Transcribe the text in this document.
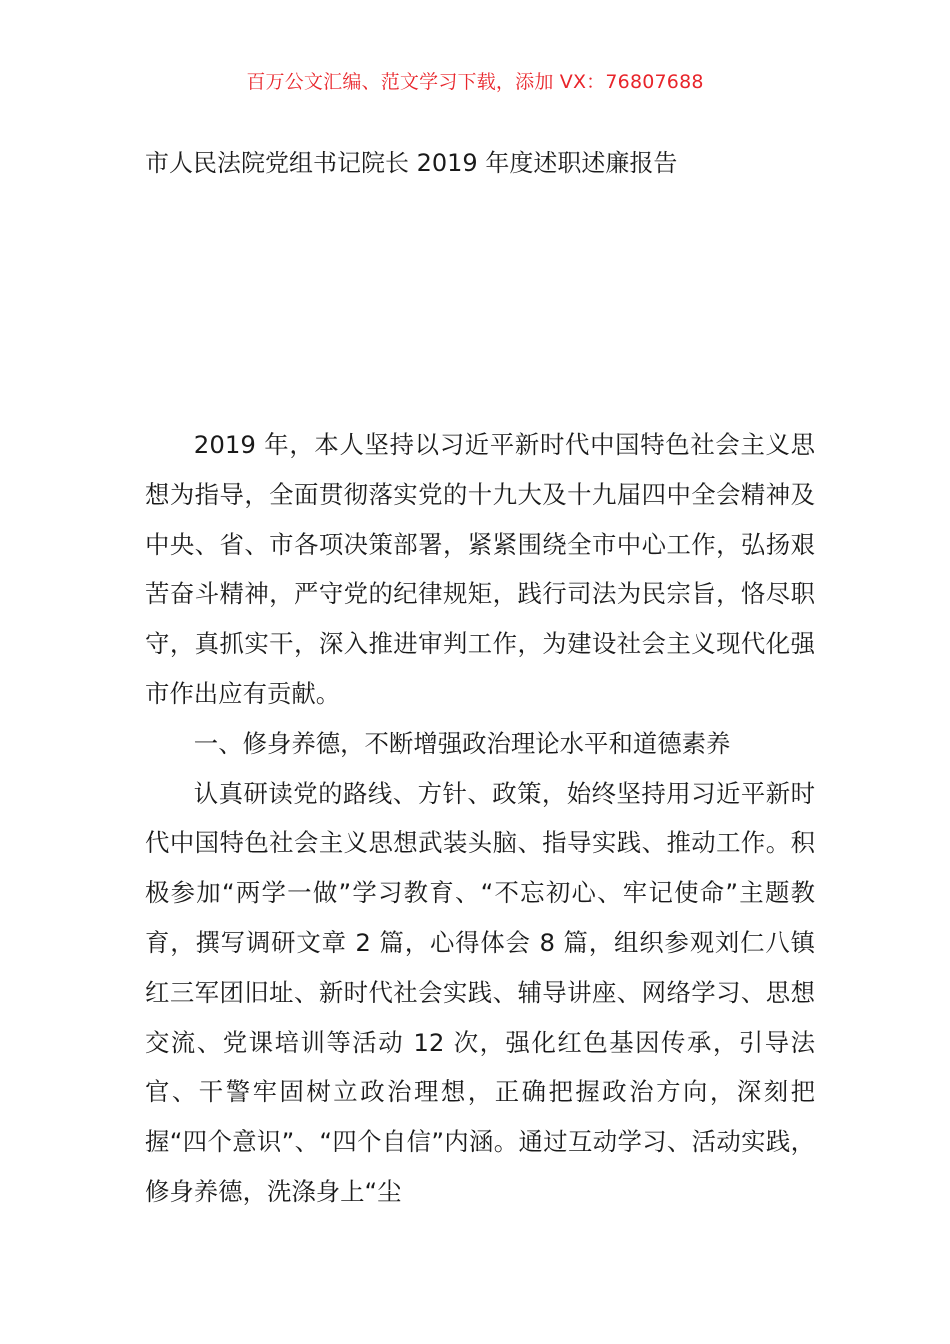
百万公文汇编、范文学习下载，添加 VX：76807688
市人民法院党组书记院长 2019 年度述职述廉报告

2019 年，本人坚持以习近平新时代中国特色社会主义思想为指导，全面贯彻落实党的十九大及十九届四中全会精神及中央、省、市各项决策部署，紧紧围绕全市中心工作，弘扬艰苦奋斗精神，严守党的纪律规矩，践行司法为民宗旨，恪尽职守，真抓实干，深入推进审判工作，为建设社会主义现代化强市作出应有贡献。

一、修身养德，不断增强政治理论水平和道德素养

认真研读党的路线、方针、政策，始终坚持用习近平新时代中国特色社会主义思想武装头脑、指导实践、推动工作。积极参加“两学一做”学习教育、“不忘初心、牢记使命”主题教育，撰写调研文章 2 篇，心得体会 8 篇，组织参观刘仁八镇红三军团旧址、新时代社会实践、辅导讲座、网络学习、思想交流、党课培训等活动 12 次，强化红色基因传承，引导法官、干警牢固树立政治理想，正确把握政治方向，深刻把握“四个意识”、“四个自信”内涵。通过互动学习、活动实践，修身养德，洗涤身上“尘
